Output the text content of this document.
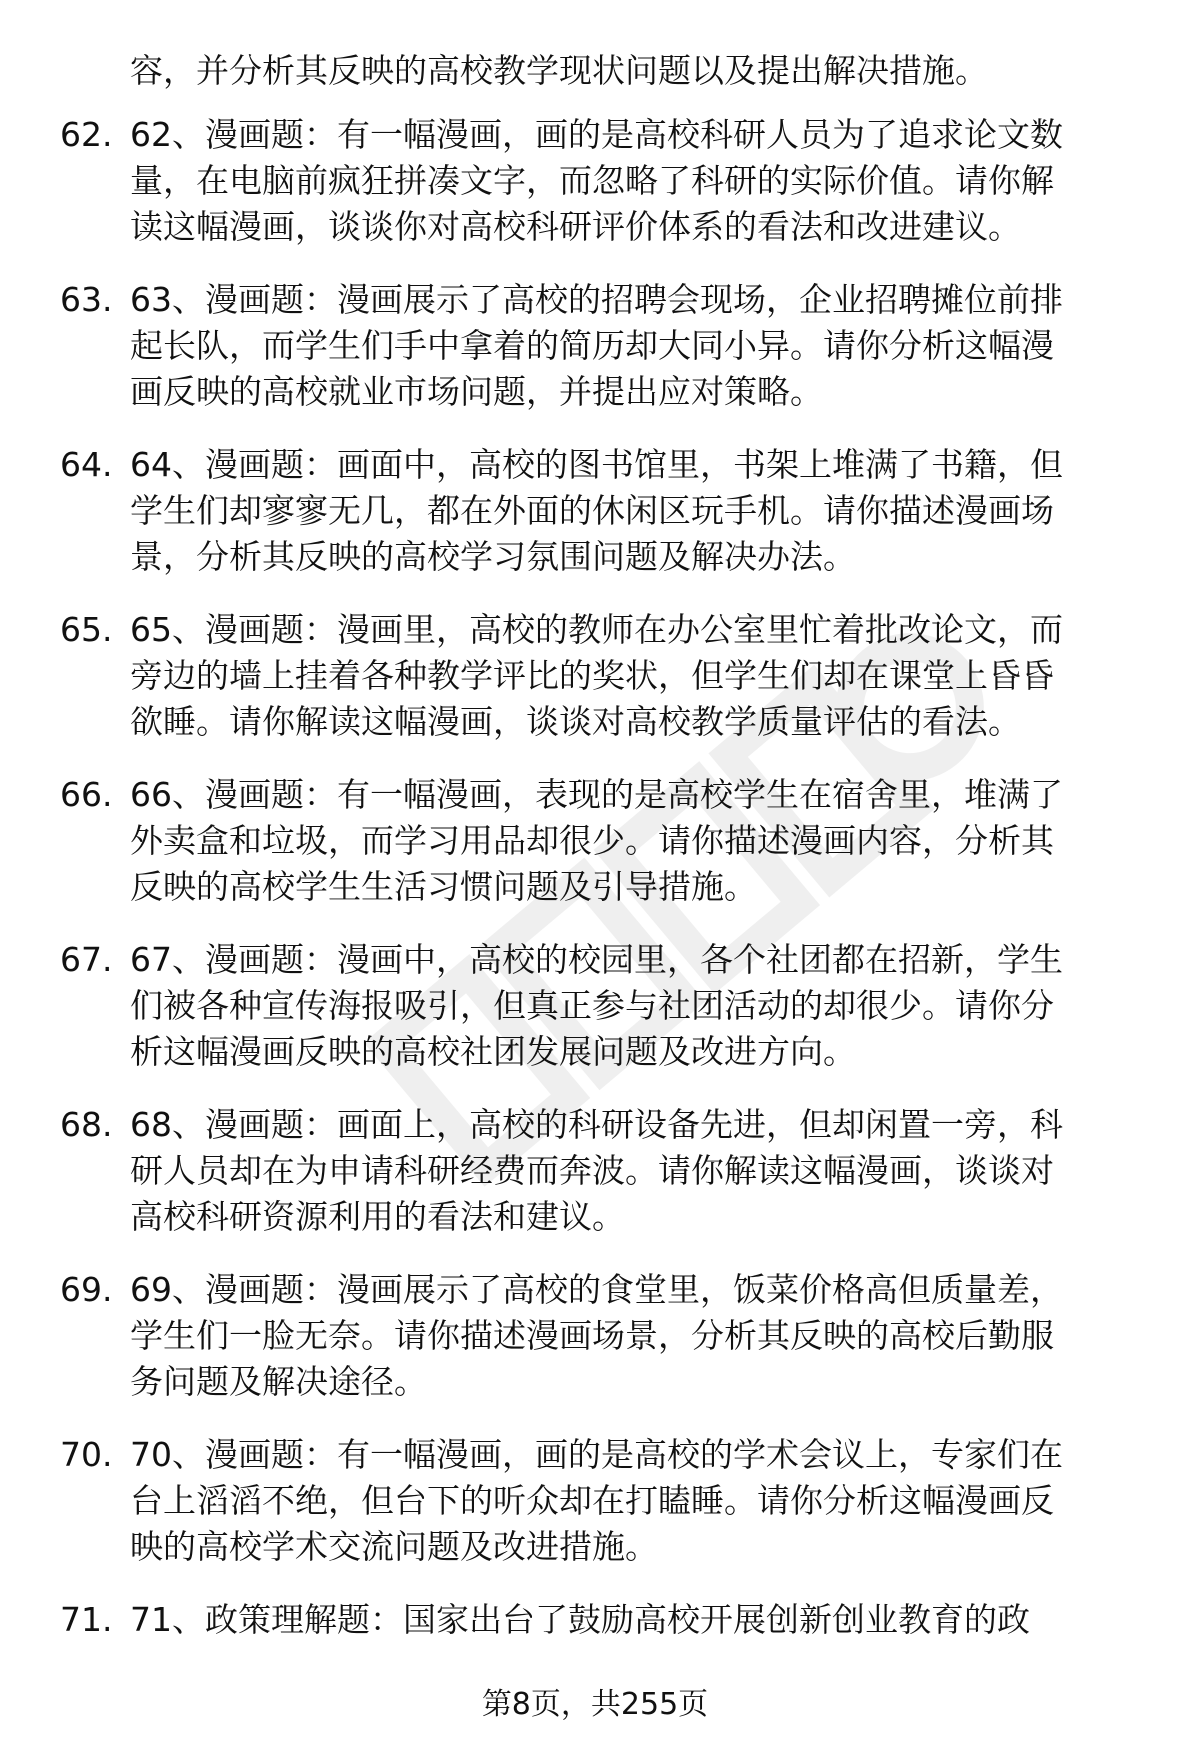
容，并分析其反映的高校教学现状问题以及提出解决措施。
62. 62、漫画题：有一幅漫画，画的是高校科研人员为了追求论文数
量，在电脑前疯狂拼凑文字，而忽略了科研的实际价值。请你解
读这幅漫画，谈谈你对高校科研评价体系的看法和改进建议。
63. 63、漫画题：漫画展示了高校的招聘会现场，企业招聘摊位前排
起长队，而学生们手中拿着的简历却大同小异。请你分析这幅漫
画反映的高校就业市场问题，并提出应对策略。
64. 64、漫画题：画面中，高校的图书馆里，书架上堆满了书籍，但
学生们却寥寥无几，都在外面的休闲区玩手机。请你描述漫画场
景，分析其反映的高校学习氛围问题及解决办法。
65. 65、漫画题：漫画里，高校的教师在办公室里忙着批改论文，而
旁边的墙上挂着各种教学评比的奖状，但学生们却在课堂上昏昏
欲睡。请你解读这幅漫画，谈谈对高校教学质量评估的看法。
66. 66、漫画题：有一幅漫画，表现的是高校学生在宿舍里，堆满了
外卖盒和垃圾，而学习用品却很少。请你描述漫画内容，分析其
反映的高校学生生活习惯问题及引导措施。
67. 67、漫画题：漫画中，高校的校园里，各个社团都在招新，学生
们被各种宣传海报吸引，但真正参与社团活动的却很少。请你分
析这幅漫画反映的高校社团发展问题及改进方向。
68. 68、漫画题：画面上，高校的科研设备先进，但却闲置一旁，科
研人员却在为申请科研经费而奔波。请你解读这幅漫画，谈谈对
高校科研资源利用的看法和建议。
69. 69、漫画题：漫画展示了高校的食堂里，饭菜价格高但质量差，
学生们一脸无奈。请你描述漫画场景，分析其反映的高校后勤服
务问题及解决途径。
70. 70、漫画题：有一幅漫画，画的是高校的学术会议上，专家们在
台上滔滔不绝，但台下的听众却在打瞌睡。请你分析这幅漫画反
映的高校学术交流问题及改进措施。
71. 71、政策理解题：国家出台了鼓励高校开展创新创业教育的政
第8页，共255页
